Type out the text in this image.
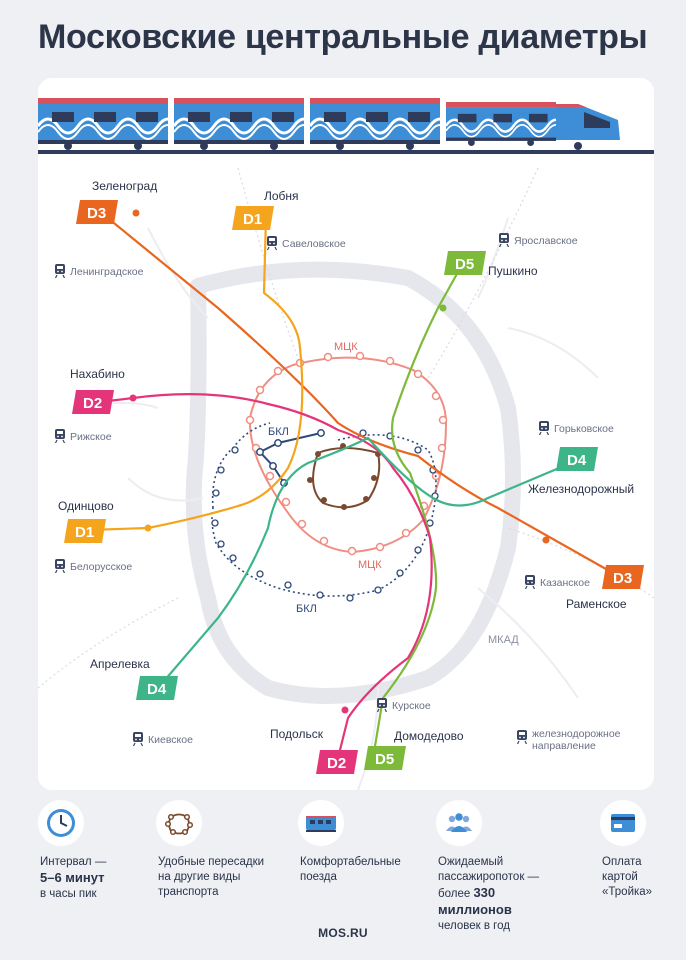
Московские центральные диаметры
МЦК
МЦК
БКЛ
БКЛ
МКАД
D3	D1
D5
D2
D1
D4
D3
D4
D2 D5
Зеленоград
Лобня
Пушкино
Нахабино
Одинцово
Железнодорожный
Раменское
Апрелевка
Подольск	Домодедово
Савеловское	Ярославское
Ленинградское
Рижское
Горьковское
Белорусское
Казанское
Курское
Киевское	железнодорожное
направление
Интервал —
5–6 минут
в часы пик
Удобные пересадки
на другие виды
транспорта
Комфортабельные
поезда
Ожидаемый
пассажиропоток —
более 330 миллионов
человек в год
Оплата
картой
«Тройка»
MOS.RU
